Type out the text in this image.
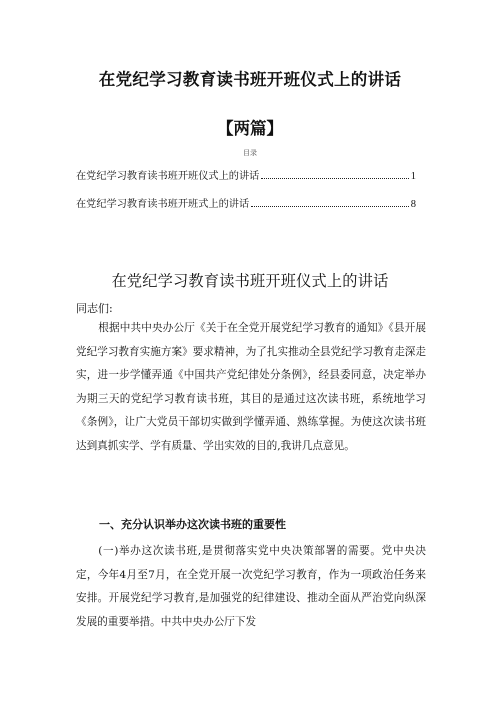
在党纪学习教育读书班开班仪式上的讲话
【两篇】
目录
在党纪学习教育读书班开班仪式上的讲话	1
在党纪学习教育读书班开班式上的讲话	8
在党纪学习教育读书班开班仪式上的讲话
同志们:

根据中共中央办公厅《关于在全党开展党纪学习教育的通知》《县开展党纪学习教育实施方案》要求精神，为了扎实推动全县党纪学习教育走深走实，进一步学懂弄通《中国共产党纪律处分条例》，经县委同意，决定举办为期三天的党纪学习教育读书班，其目的是通过这次读书班，系统地学习《条例》，让广大党员干部切实做到学懂弄通、熟练掌握。为使这次读书班达到真抓实学、学有质量、学出实效的目的,我讲几点意见。

一、充分认识举办这次读书班的重要性

(一)举办这次读书班,是贯彻落实党中央决策部署的需要。党中央决定，今年4月至7月，在全党开展一次党纪学习教育，作为一项政治任务来安排。开展党纪学习教育,是加强党的纪律建设、推动全面从严治党向纵深发展的重要举措。中共中央办公厅下发
